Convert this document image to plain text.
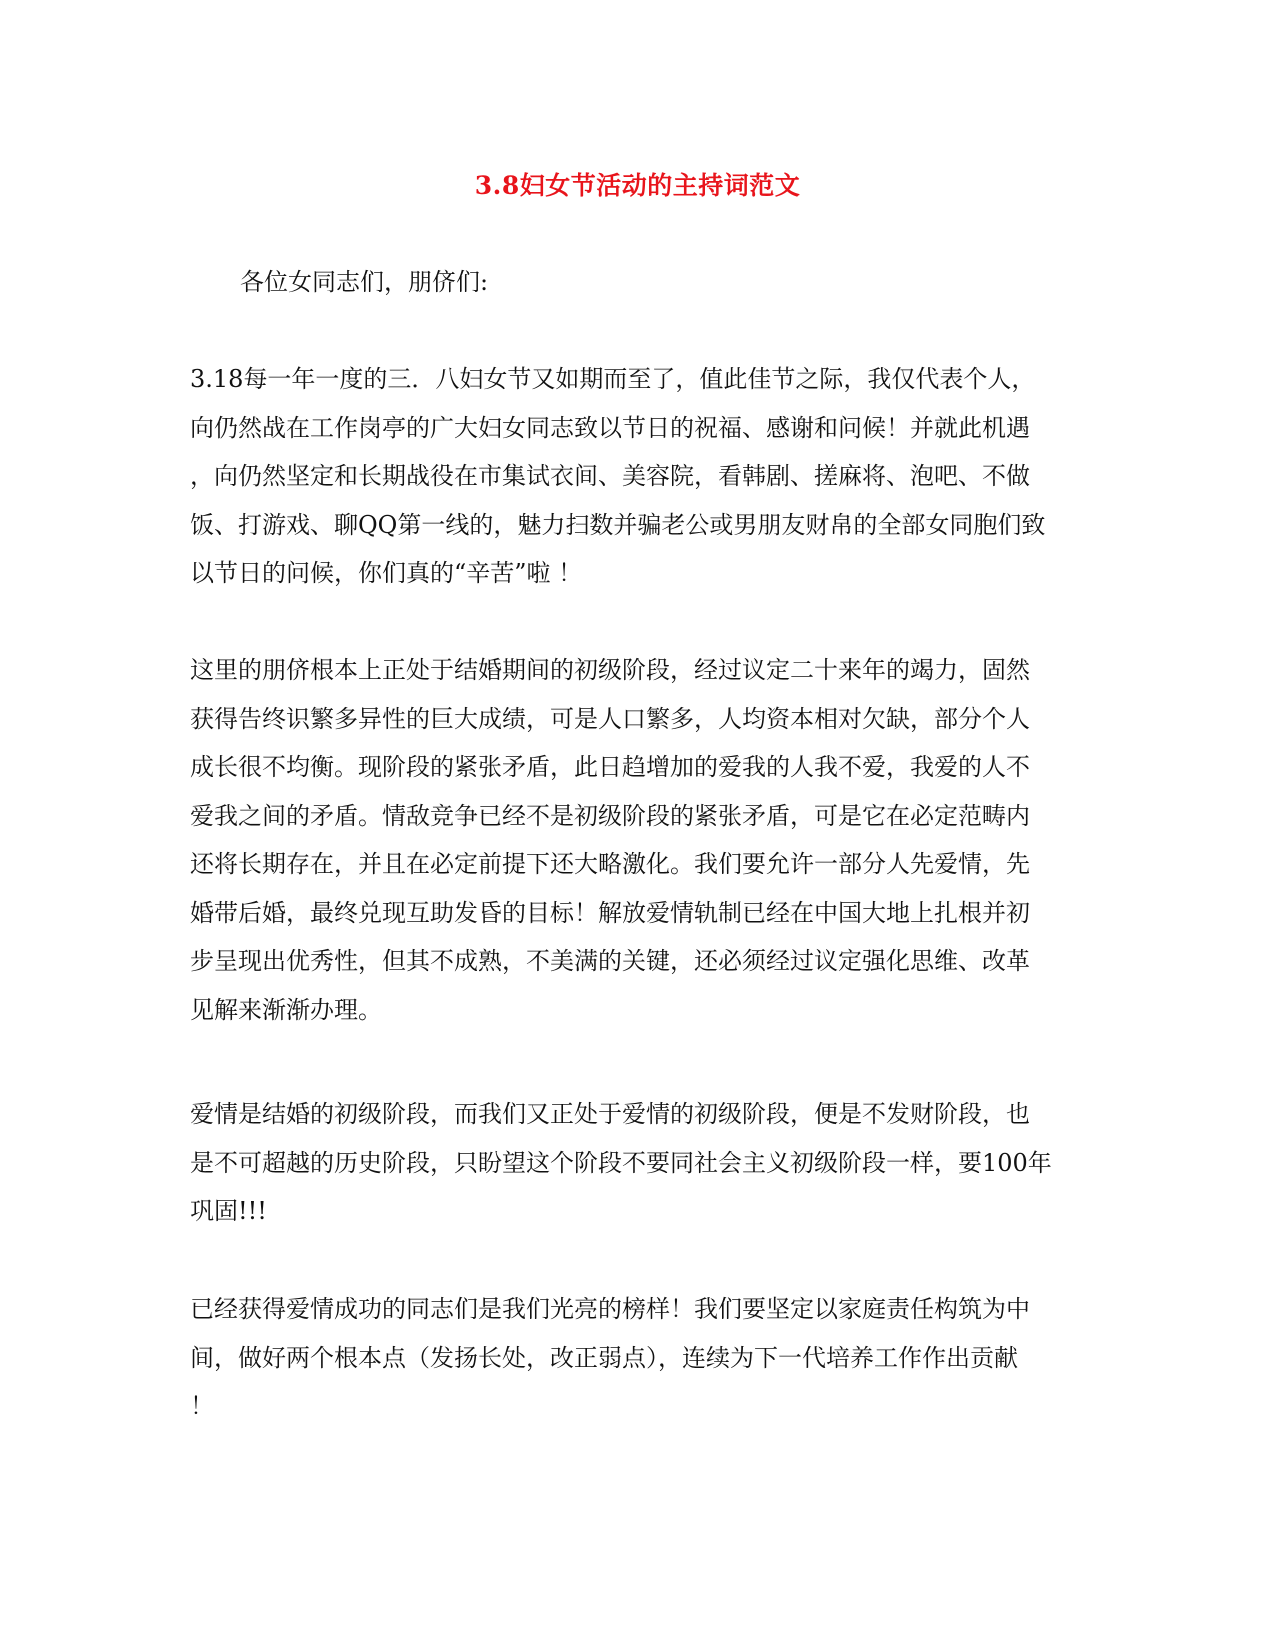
3.8妇女节活动的主持词范文
各位女同志们，朋侪们:
3.18每一年一度的三．八妇女节又如期而至了，值此佳节之际，我仅代表个人，
向仍然战在工作岗亭的广大妇女同志致以节日的祝福、感谢和问候！并就此机遇
，向仍然坚定和长期战役在市集试衣间、美容院，看韩剧、搓麻将、泡吧、不做
饭、打游戏、聊QQ第一线的，魅力扫数并骗老公或男朋友财帛的全部女同胞们致
以节日的问候，你们真的“辛苦”啦 ！
这里的朋侪根本上正处于结婚期间的初级阶段，经过议定二十来年的竭力，固然
获得告终识繁多异性的巨大成绩，可是人口繁多，人均资本相对欠缺，部分个人
成长很不均衡。现阶段的紧张矛盾，此日趋增加的爱我的人我不爱，我爱的人不
爱我之间的矛盾。情敌竞争已经不是初级阶段的紧张矛盾，可是它在必定范畴内
还将长期存在，并且在必定前提下还大略激化。我们要允许一部分人先爱情，先
婚带后婚，最终兑现互助发昏的目标！解放爱情轨制已经在中国大地上扎根并初
步呈现出优秀性，但其不成熟，不美满的关键，还必须经过议定强化思维、改革
见解来渐渐办理。
爱情是结婚的初级阶段，而我们又正处于爱情的初级阶段，便是不发财阶段，也
是不可超越的历史阶段，只盼望这个阶段不要同社会主义初级阶段一样，要100年
巩固!!!
已经获得爱情成功的同志们是我们光亮的榜样！我们要坚定以家庭责任构筑为中
间，做好两个根本点（发扬长处，改正弱点），连续为下一代培养工作作出贡献
！
